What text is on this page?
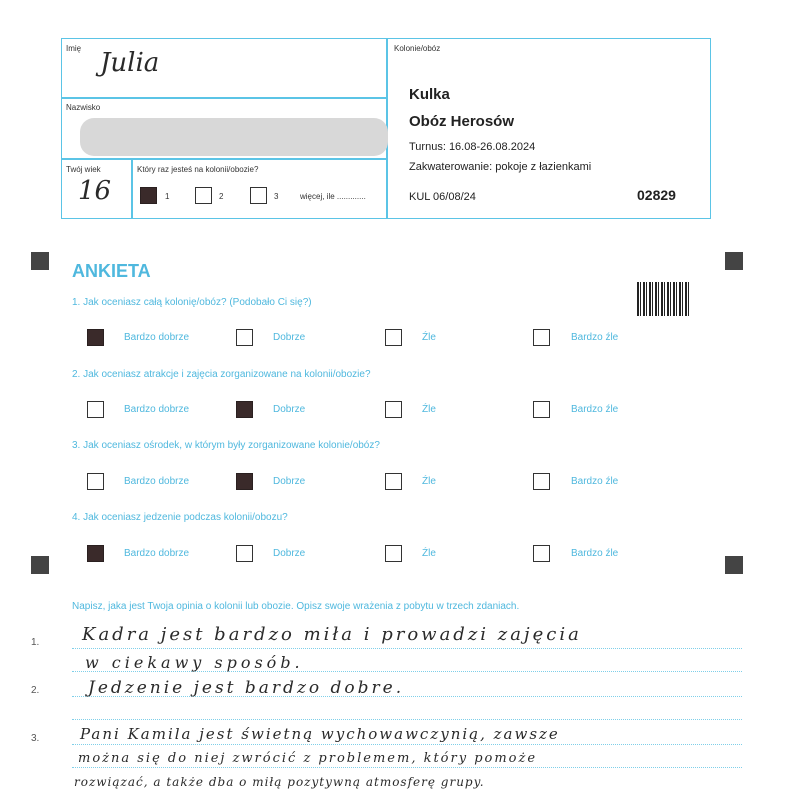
Imię Julia
Nazwisko
Twój wiek
16
Który raz jesteś na kolonii/obozie?
1	2	3	więcej, ile .............
Kolonie/obóz
Kulka
Obóz Herosów
Turnus: 16.08-26.08.2024
Zakwaterowanie: pokoje z łazienkami
KUL 06/08/24	02829
ANKIETA
1. Jak oceniasz całą kolonię/obóz? (Podobało Ci się?)
Bardzo dobrze	Dobrze	Źle	Bardzo źle
2. Jak oceniasz atrakcje i zajęcia zorganizowane na kolonii/obozie?
Bardzo dobrze	Dobrze	Źle	Bardzo źle
3. Jak oceniasz ośrodek, w którym były zorganizowane kolonie/obóz?
Bardzo dobrze	Dobrze	Źle	Bardzo źle
4. Jak oceniasz jedzenie podczas kolonii/obozu?
Bardzo dobrze	Dobrze	Źle	Bardzo źle
Napisz, jaka jest Twoja opinia o kolonii lub obozie. Opisz swoje wrażenia z pobytu w trzech zdaniach.
1.
2.
3.
Kadra jest bardzo miła i prowadzi zajęcia
w ciekawy sposób.
Jedzenie jest bardzo dobre.
Pani Kamila jest świetną wychowawczynią, zawsze
można się do niej zwrócić z problemem, który pomoże
rozwiązać, a także dba o miłą pozytywną atmosferę grupy.
